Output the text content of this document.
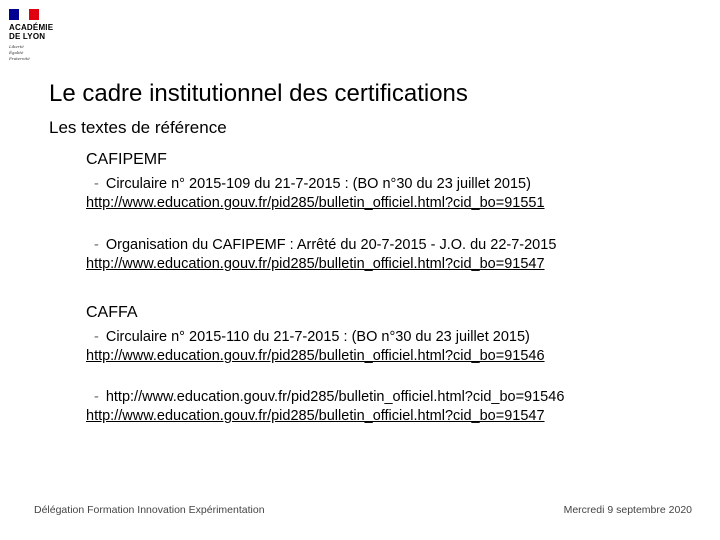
ACADÉMIE
DE LYON
Liberté
Égalité
Fraternité
Le cadre institutionnel des certifications
Les textes de référence
CAFIPEMF
- Circulaire n° 2015-109 du 21-7-2015 : (BO n°30 du 23 juillet 2015)
http://www.education.gouv.fr/pid285/bulletin_officiel.html?cid_bo=91551
- Organisation du CAFIPEMF : Arrêté du 20-7-2015 - J.O. du 22-7-2015
http://www.education.gouv.fr/pid285/bulletin_officiel.html?cid_bo=91547
CAFFA
- Circulaire n° 2015-110 du 21-7-2015 : (BO n°30 du 23 juillet 2015)
http://www.education.gouv.fr/pid285/bulletin_officiel.html?cid_bo=91546
- http://www.education.gouv.fr/pid285/bulletin_officiel.html?cid_bo=91546
http://www.education.gouv.fr/pid285/bulletin_officiel.html?cid_bo=91547
Délégation Formation Innovation Expérimentation	Mercredi 9 septembre 2020
